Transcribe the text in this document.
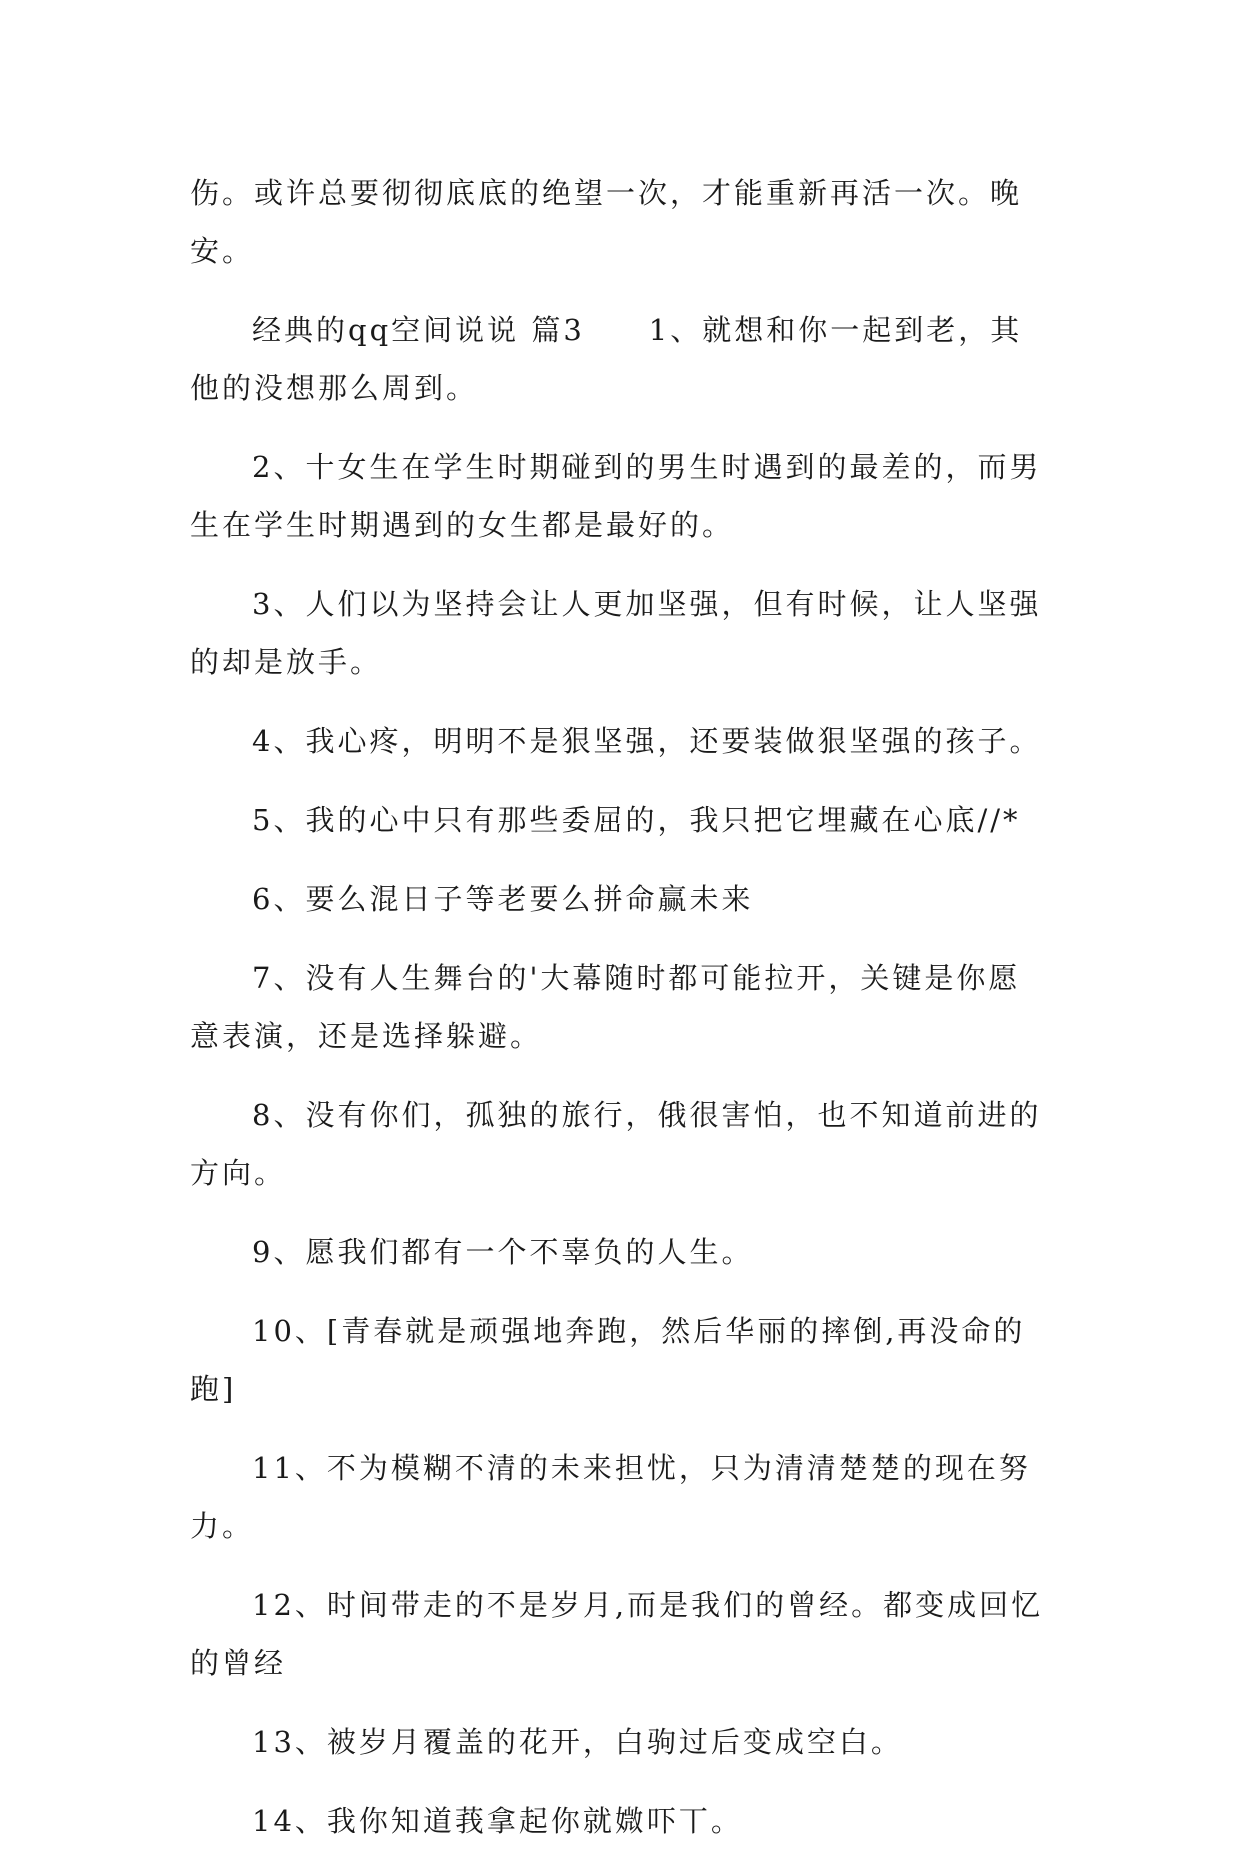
伤。或许总要彻彻底底的绝望一次，才能重新再活一次。晚安。

经典的qq空间说说 篇3　　1、就想和你一起到老，其他的没想那么周到。

2、十女生在学生时期碰到的男生时遇到的最差的，而男生在学生时期遇到的女生都是最好的。

3、人们以为坚持会让人更加坚强，但有时候，让人坚强的却是放手。

4、我心疼，明明不是狠坚强，还要装做狠坚强的孩子。

5、我的心中只有那些委屈的，我只把它埋藏在心底//*

6、要么混日子等老要么拼命赢未来

7、没有人生舞台的'大幕随时都可能拉开，关键是你愿意表演，还是选择躲避。

8、没有你们，孤独的旅行，俄很害怕，也不知道前进的方向。

9、愿我们都有一个不辜负的人生。

10、[青春就是顽强地奔跑，然后华丽的摔倒,再没命的跑]

11、不为模糊不清的未来担忧，只为清清楚楚的现在努力。

12、时间带走的不是岁月,而是我们的曾经。都变成回忆的曾经

13、被岁月覆盖的花开，白驹过后变成空白。

14、我你知道莪拿起你就媺吓丅。
